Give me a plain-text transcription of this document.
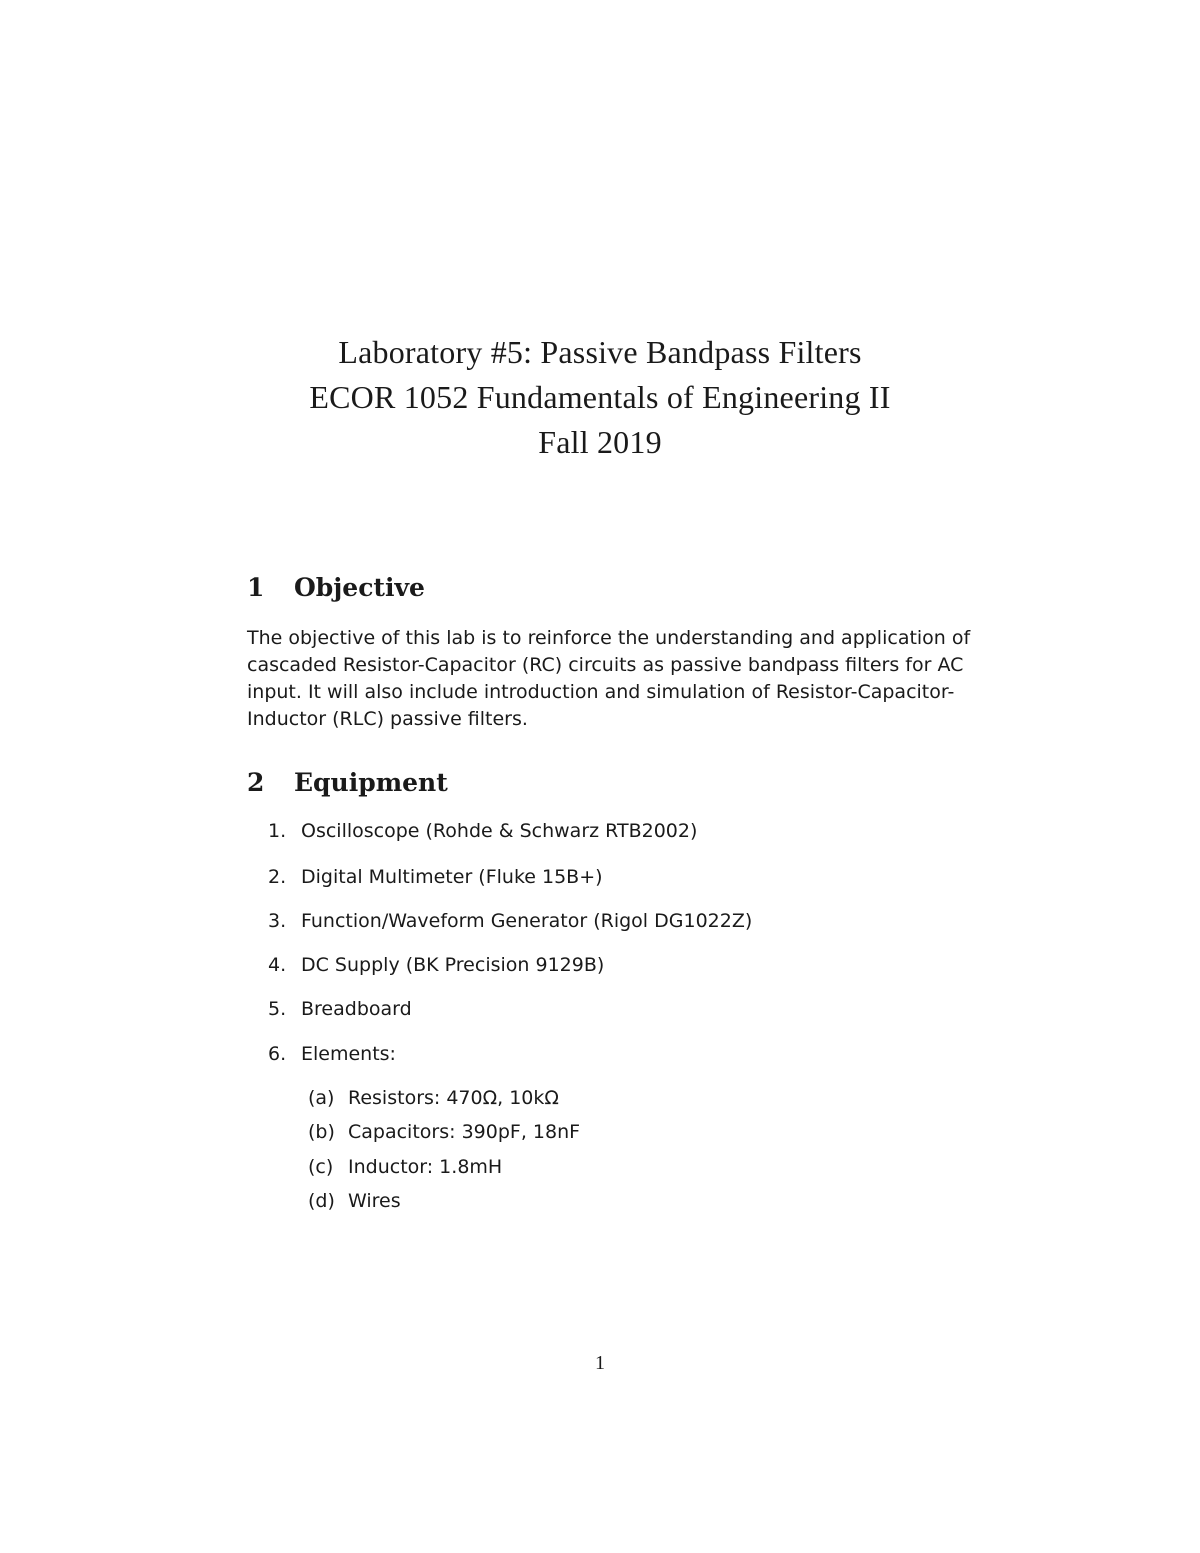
Laboratory #5: Passive Bandpass Filters

ECOR 1052 Fundamentals of Engineering II

Fall 2019

1	Objective

The objective of this lab is to reinforce the understanding and application of
cascaded Resistor-Capacitor (RC) circuits as passive bandpass filters for AC
input. It will also include introduction and simulation of Resistor-Capacitor-
Inductor (RLC) passive filters.

2	Equipment
1. Oscilloscope (Rohde & Schwarz RTB2002)
2. Digital Multimeter (Fluke 15B+)
3. Function/Waveform Generator (Rigol DG1022Z)
4. DC Supply (BK Precision 9129B)
5. Breadboard
6. Elements:
(a) Resistors: 470Ω, 10kΩ
(b) Capacitors: 390pF, 18nF
(c) Inductor: 1.8mH
(d) Wires
1
